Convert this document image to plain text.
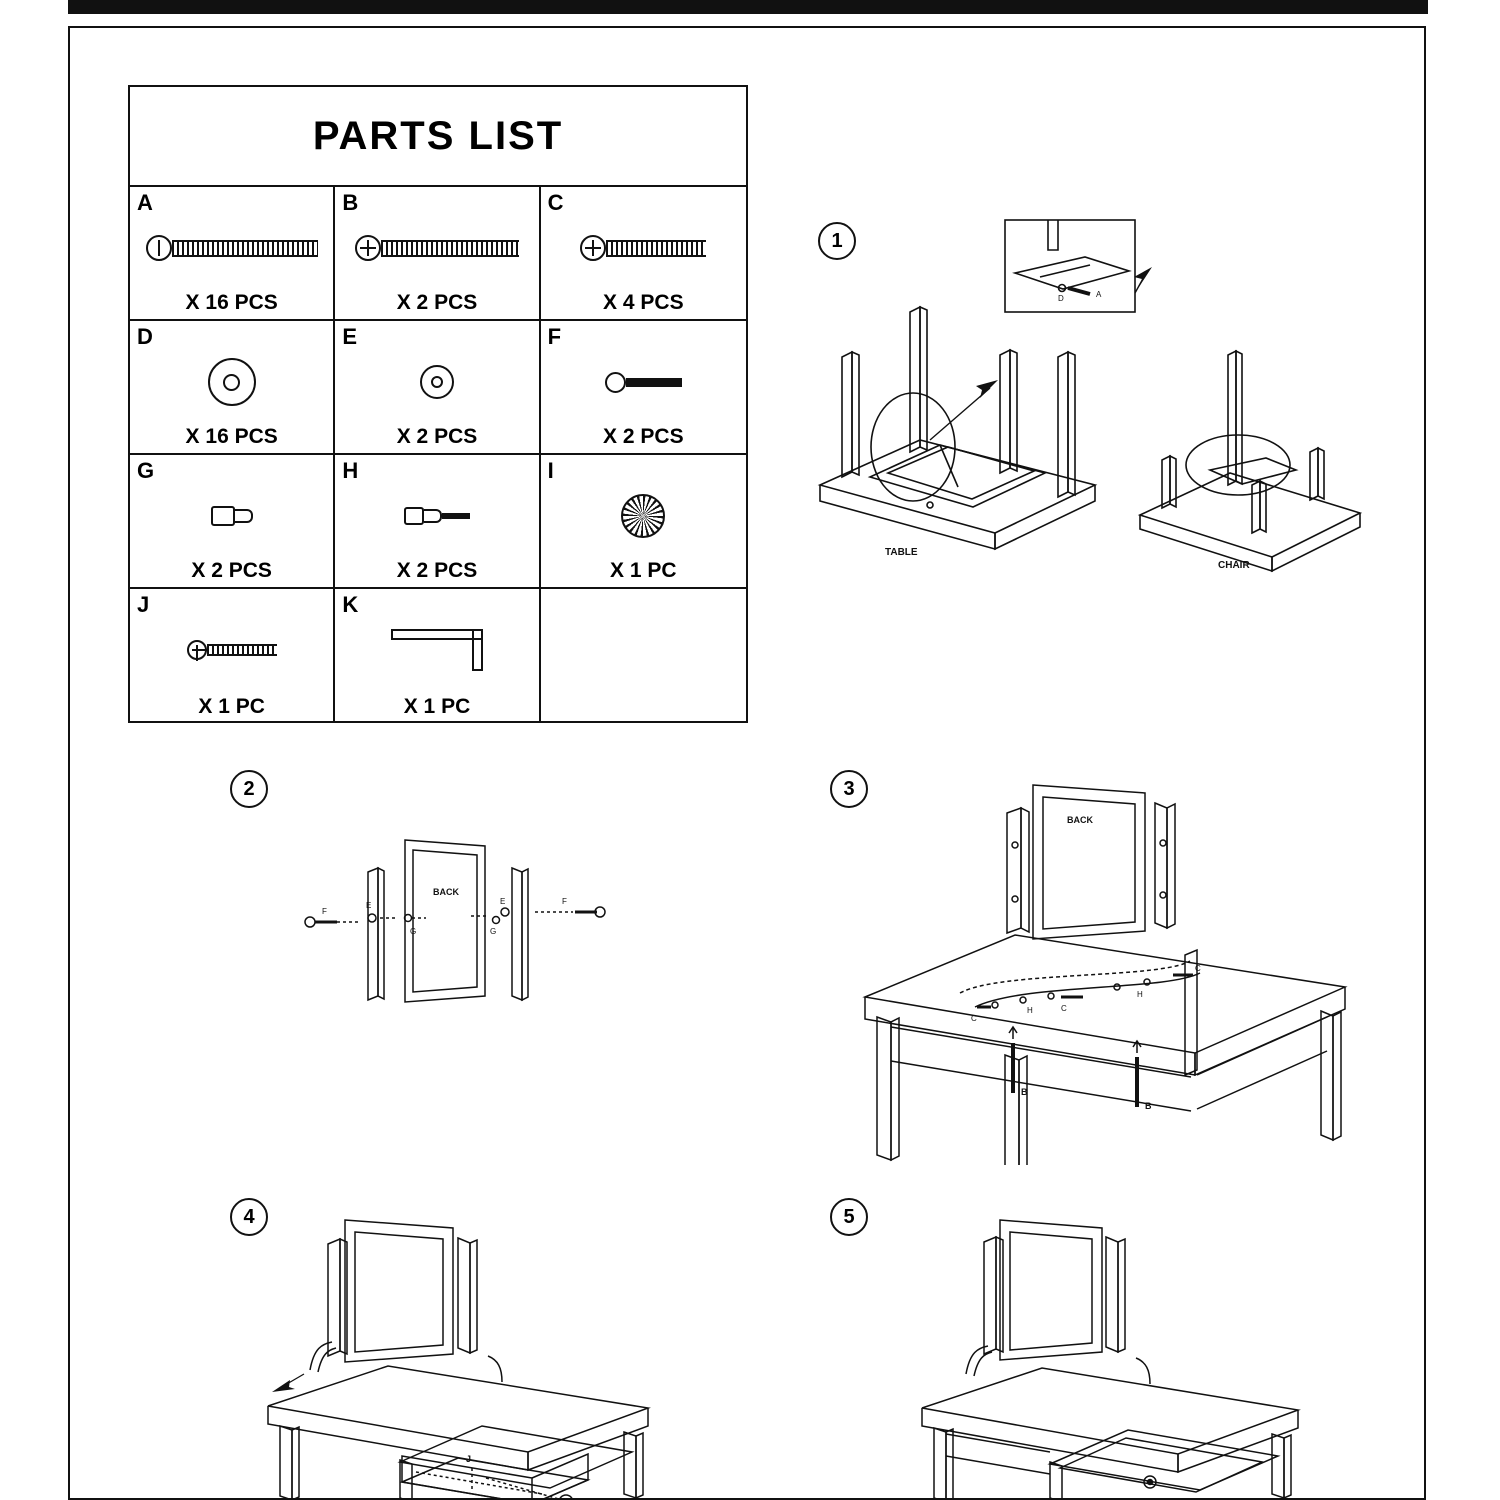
PARTS LIST
A
X 16 PCS
B
X 2 PCS
C
X 4 PCS
D
X 16 PCS
E
X 2 PCS
F
X 2 PCS
G
X 2 PCS
H
X 2 PCS
I
X 1 PC
J
X 1 PC
K
X 1 PC
1
D	A
TABLE
CHAIR
2
BACK
E
G
F
E
G
F
3
BACK
C
C
C
H
H
B
B
4
J
5
